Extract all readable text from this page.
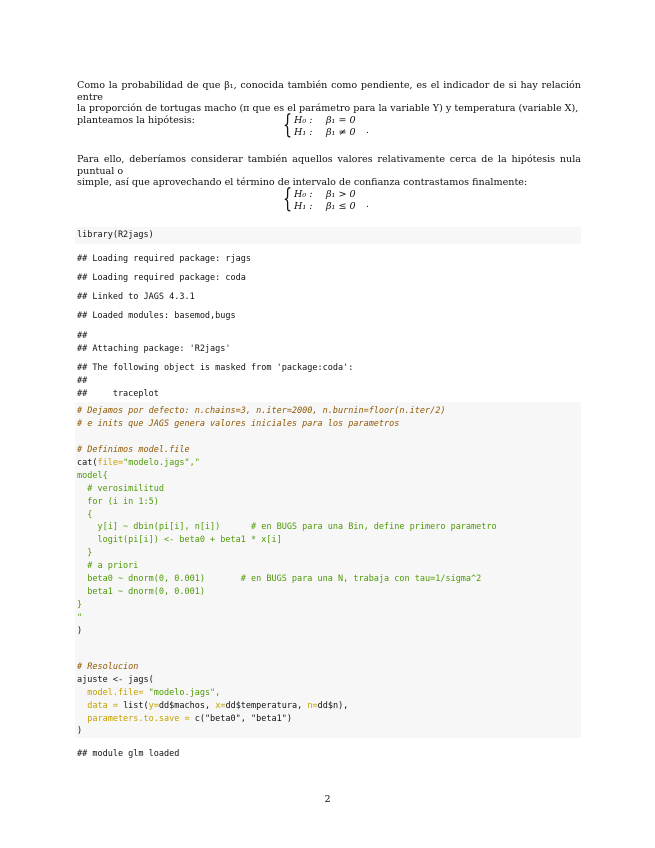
Como la probabilidad de que β₁, conocida también como pendiente, es el indicador de si hay relación entre
la proporción de tortugas macho (π que es el parámetro para la variable Y) y temperatura (variable X),
planteamos la hipótesis:	{ H₀ : β₁ = 0
H₁ : β₁ ≠ 0 .
Para ello, deberíamos considerar también aquellos valores relativamente cerca de la hipótesis nula puntual o
simple, así que aprovechando el término de intervalo de confianza contrastamos finalmente:
{ H₀ : β₁ > 0
H₁ : β₁ ≤ 0 .
library(R2jags)
## Loading required package: rjags
## Loading required package: coda
## Linked to JAGS 4.3.1
## Loaded modules: basemod,bugs
##
## Attaching package: 'R2jags'
## The following object is masked from 'package:coda':
##
##     traceplot
# Dejamos por defecto: n.chains=3, n.iter=2000, n.burnin=floor(n.iter/2)
# e inits que JAGS genera valores iniciales para los parametros
# Definimos model.file
cat(file="modelo.jags","
model{
# verosimilitud
for (i in 1:5)
{
y[i] ~ dbin(pi[i], n[i])      # en BUGS para una Bin, define primero parametro
logit(pi[i]) <- beta0 + beta1 * x[i]
}
# a priori
beta0 ~ dnorm(0, 0.001)       # en BUGS para una N, trabaja con tau=1/sigma^2
beta1 ~ dnorm(0, 0.001)
}
"
)
# Resolucion
ajuste <- jags(
model.file= "modelo.jags",
data = list(y=dd$machos, x=dd$temperatura, n=dd$n),
parameters.to.save = c("beta0", "beta1")
)
## module glm loaded
2
